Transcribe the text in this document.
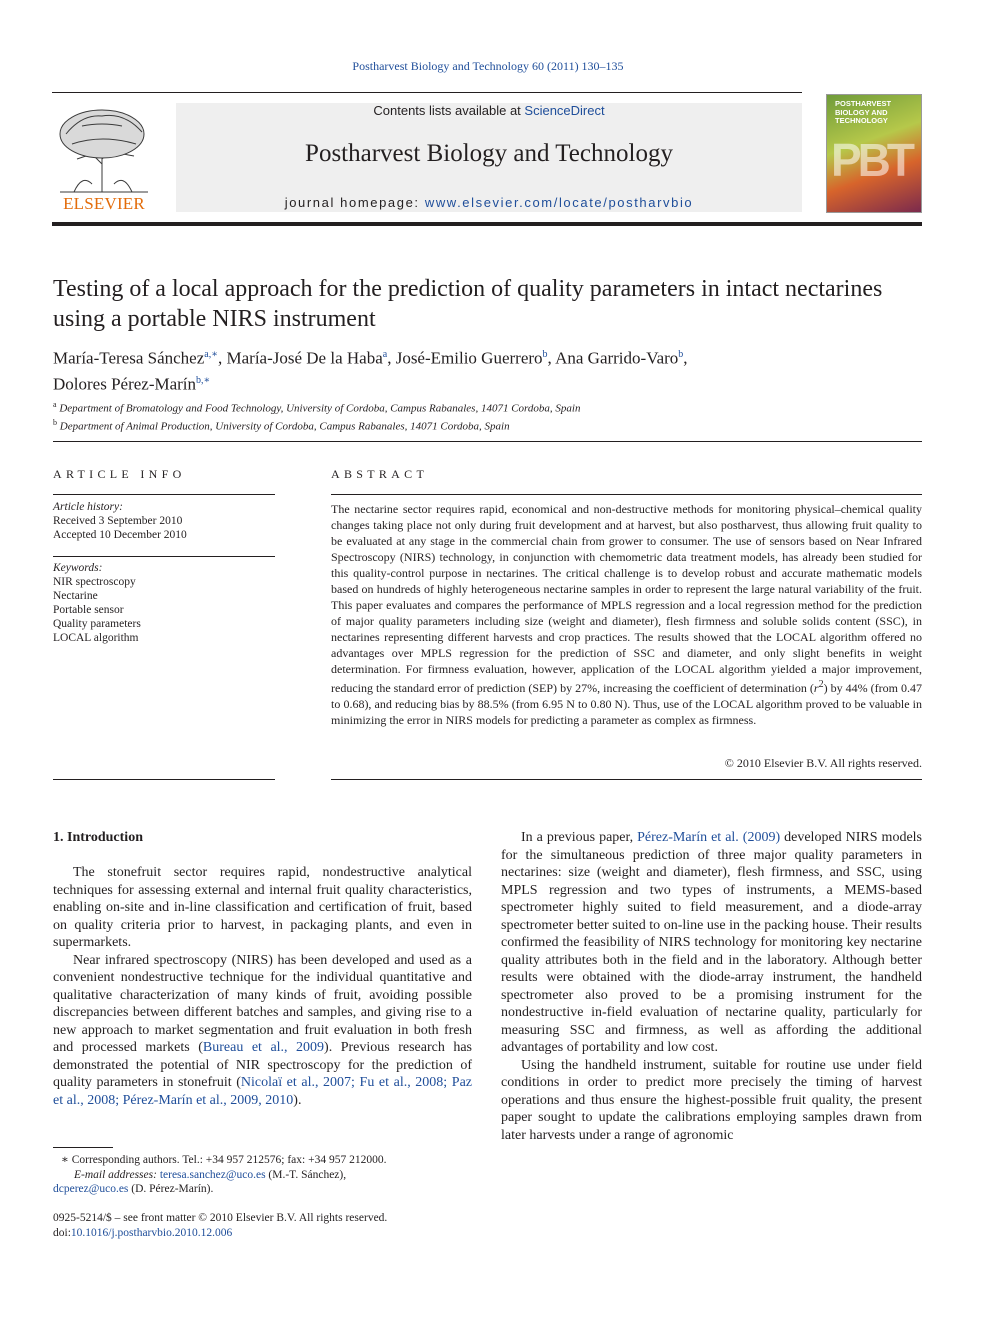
Postharvest Biology and Technology 60 (2011) 130–135
ELSEVIER
Contents lists available at ScienceDirect
Postharvest Biology and Technology
journal homepage: www.elsevier.com/locate/postharvbio
POSTHARVEST BIOLOGY AND TECHNOLOGY
PBT
Testing of a local approach for the prediction of quality parameters in intact nectarines using a portable NIRS instrument
María-Teresa Sánchez$^{a,∗}$, María-José De la Haba$^a$, José-Emilio Guerrero$^b$, Ana Garrido-Varo$^b$,
Dolores Pérez-Marín$^{b,∗}$
$^a$ Department of Bromatology and Food Technology, University of Cordoba, Campus Rabanales, 14071 Cordoba, Spain
$^b$ Department of Animal Production, University of Cordoba, Campus Rabanales, 14071 Cordoba, Spain
ARTICLE INFO
Article history:
Received 3 September 2010
Accepted 10 December 2010
Keywords:
NIR spectroscopy
Nectarine
Portable sensor
Quality parameters
LOCAL algorithm
ABSTRACT
The nectarine sector requires rapid, economical and non-destructive methods for monitoring physical–chemical quality changes taking place not only during fruit development and at harvest, but also postharvest, thus allowing fruit quality to be evaluated at any stage in the commercial chain from grower to consumer. The use of sensors based on Near Infrared Spectroscopy (NIRS) technology, in conjunction with chemometric data treatment models, has already been studied for this quality-control purpose in nectarines. The critical challenge is to develop robust and accurate mathematic models based on hundreds of highly heterogeneous nectarine samples in order to represent the large natural variability of the fruit. This paper evaluates and compares the performance of MPLS regression and a local regression method for the prediction of major quality parameters including size (weight and diameter), flesh firmness and soluble solids content (SSC), in nectarines representing different harvests and crop practices. The results showed that the LOCAL algorithm offered no advantages over MPLS regression for the prediction of SSC and diameter, and only slight benefits in weight determination. For firmness evaluation, however, application of the LOCAL algorithm yielded a major improvement, reducing the standard error of prediction (SEP) by 27%, increasing the coefficient of determination $(r^2)$ by 44% (from 0.47 to 0.68), and reducing bias by 88.5% (from 6.95 N to 0.80 N). Thus, use of the LOCAL algorithm proved to be valuable in minimizing the error in NIRS models for predicting a parameter as complex as firmness.
© 2010 Elsevier B.V. All rights reserved.
1. Introduction

The stonefruit sector requires rapid, nondestructive analytical techniques for assessing external and internal fruit quality characteristics, enabling on-site and in-line classification and certification of fruit, based on quality criteria prior to harvest, in packaging plants, and even in supermarkets.

Near infrared spectroscopy (NIRS) has been developed and used as a convenient nondestructive technique for the individual quantitative and qualitative characterization of many kinds of fruit, avoiding possible discrepancies between different batches and samples, and giving rise to a new approach to market segmentation and fruit evaluation in both fresh and processed markets (Bureau et al., 2009). Previous research has demonstrated the potential of NIR spectroscopy for the prediction of quality parameters in stonefruit (Nicolaï et al., 2007; Fu et al., 2008; Paz et al., 2008; Pérez-Marín et al., 2009, 2010).

In a previous paper, Pérez-Marín et al. (2009) developed NIRS models for the simultaneous prediction of three major quality parameters in nectarines: size (weight and diameter), flesh firmness, and SSC, using MPLS regression and two types of instruments, a MEMS-based spectrometer highly suited to field measurement, and a diode-array spectrometer better suited to on-line use in the packing house. Their results confirmed the feasibility of NIRS technology for monitoring key nectarine quality attributes both in the field and in the laboratory. Although better results were obtained with the diode-array instrument, the handheld spectrometer also proved to be a promising instrument for the nondestructive in-field evaluation of nectarine quality, particularly for measuring SSC and firmness, as well as affording the additional advantages of portability and low cost.

Using the handheld instrument, suitable for routine use under field conditions in order to predict more precisely the timing of harvest operations and thus ensure the highest-possible fruit quality, the present paper sought to update the calibrations employing samples drawn from later harvests under a range of agronomic

∗ Corresponding authors. Tel.: +34 957 212576; fax: +34 957 212000.
E-mail addresses: teresa.sanchez@uco.es (M.-T. Sánchez),
dcperez@uco.es (D. Pérez-Marín).
0925-5214/$ – see front matter © 2010 Elsevier B.V. All rights reserved.
doi:10.1016/j.postharvbio.2010.12.006
